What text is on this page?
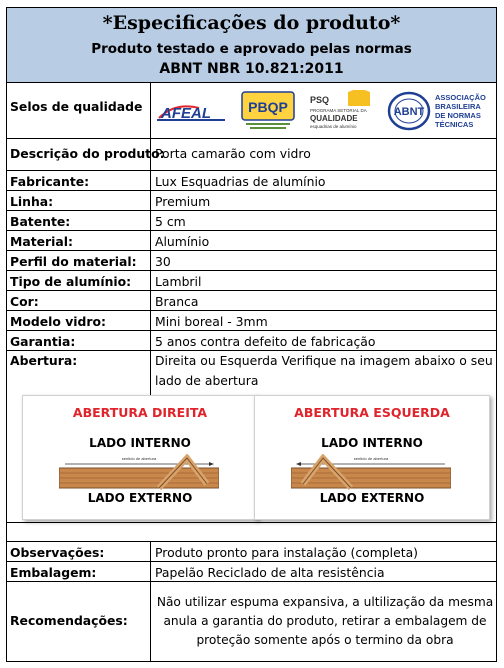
*Especificações do produto*
Produto testado e aprovado pelas normas
ABNT NBR 10.821:2011
Selos de qualidade AFEAL	PBQP PSQ
PROGRAMA SETORIAL DA
QUALIDADE
esquadrias de alumínio
ABNT
ASSOCIAÇÃO
BRASILEIRA
DE NORMAS
TÉCNICAS
Descrição do produto:
Porta camarão com vidro
Fabricante:	Lux Esquadrias de alumínio
Linha:	Premium
Batente:	5 cm
Material:	Alumínio
Perfil do material: 30
Tipo de alumínio: Lambril
Cor:	Branca
Modelo vidro:	Mini boreal - 3mm
Garantia:	5 anos contra defeito de fabricação
Abertura:	Direita ou Esquerda Verifique na imagem abaixo o seu
lado de abertura
ABERTURA DIREITA
LADO INTERNO
sentido de abertura
LADO EXTERNO
ABERTURA ESQUERDA
LADO INTERNO
sentido de abertura
LADO EXTERNO
Observações:	Produto pronto para instalação (completa)
Embalagem:	Papelão Reciclado de alta resistência
Recomendações:
Não utilizar espuma expansiva, a ultilização da mesma
anula a garantia do produto, retirar a embalagem de
proteção somente após o termino da obra
